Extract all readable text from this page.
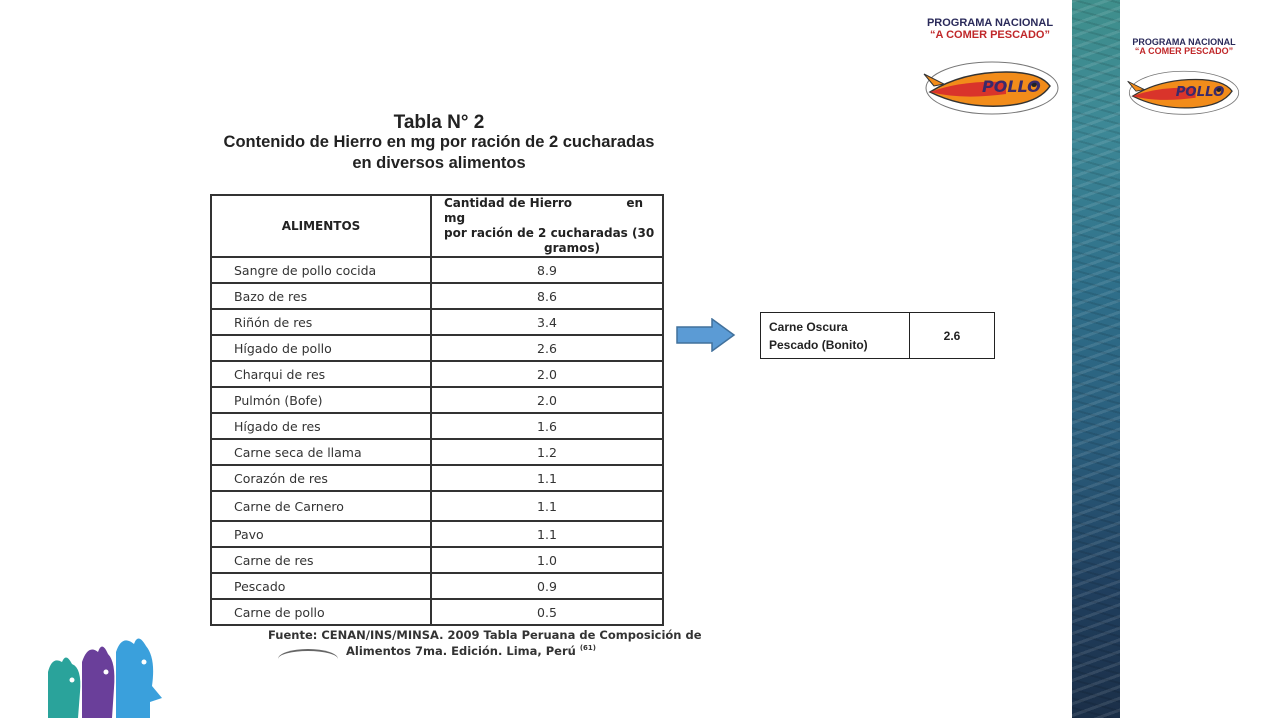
PROGRAMA NACIONAL
“A COMER PESCADO”
POLLO
PROGRAMA NACIONAL
“A COMER PESCADO”
POLLO
Tabla N° 2
Contenido de Hierro en mg por ración de 2 cucharadas
en diversos alimentos
ALIMENTOS	Cantidad de Hierro             en mg
por ración de 2 cucharadas (30
gramos)

Sangre de pollo cocida	8.9
Bazo de res	8.6
Riñón de res	3.4
Hígado de pollo	2.6
Charqui de res	2.0
Pulmón (Bofe)	2.0
Hígado de res	1.6
Carne seca de llama	1.2
Corazón de res	1.1
Carne de Carnero	1.1
Pavo	1.1
Carne de res	1.0
Pescado	0.9
Carne de pollo	0.5
Fuente: CENAN/INS/MINSA. 2009 Tabla Peruana de Composición de
Alimentos 7ma. Edición. Lima, Perú $^{(61)}$
Carne Oscura
Pescado (Bonito)
	2.6
